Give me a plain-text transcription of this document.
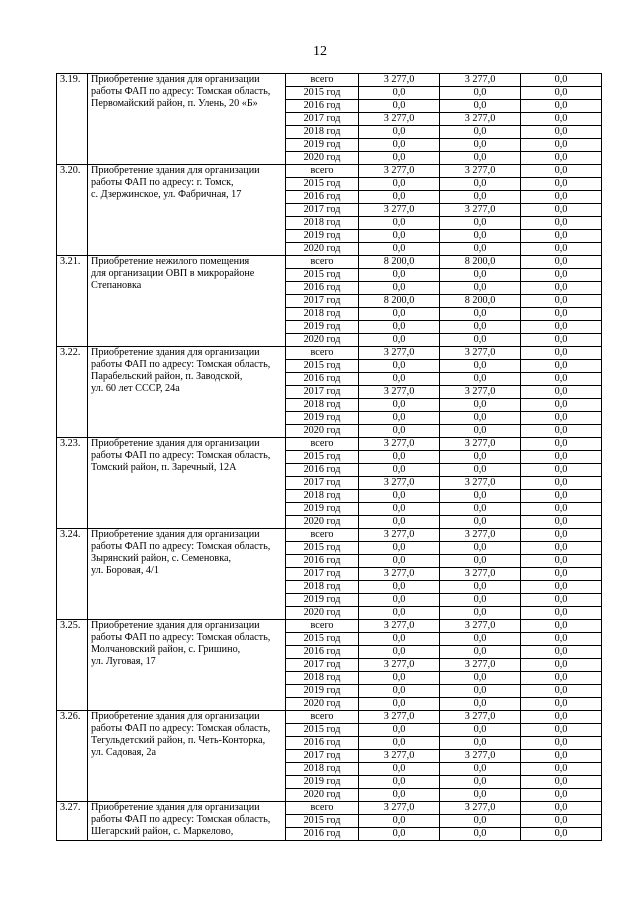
12
3.19.	Приобретение здания для организации
работы ФАП по адресу: Томская область,
Первомайский район, п. Улень, 20 «Б»	всего	3 277,0	3 277,0	0,0
		2015 год	0,0	0,0	0,0
		2016 год	0,0	0,0	0,0
		2017 год	3 277,0	3 277,0	0,0
		2018 год	0,0	0,0	0,0
		2019 год	0,0	0,0	0,0
		2020 год	0,0	0,0	0,0
3.20.	Приобретение здания для организации
работы ФАП по адресу: г. Томск,
с. Дзержинское, ул. Фабричная, 17	всего	3 277,0	3 277,0	0,0
		2015 год	0,0	0,0	0,0
		2016 год	0,0	0,0	0,0
		2017 год	3 277,0	3 277,0	0,0
		2018 год	0,0	0,0	0,0
		2019 год	0,0	0,0	0,0
		2020 год	0,0	0,0	0,0
3.21.	Приобретение нежилого помещения
для организации ОВП в микрорайоне
Степановка	всего	8 200,0	8 200,0	0,0
		2015 год	0,0	0,0	0,0
		2016 год	0,0	0,0	0,0
		2017 год	8 200,0	8 200,0	0,0
		2018 год	0,0	0,0	0,0
		2019 год	0,0	0,0	0,0
		2020 год	0,0	0,0	0,0
3.22.	Приобретение здания для организации
работы ФАП по адресу: Томская область,
Парабельский район, п. Заводской,
ул. 60 лет СССР, 24а	всего	3 277,0	3 277,0	0,0
		2015 год	0,0	0,0	0,0
		2016 год	0,0	0,0	0,0
		2017 год	3 277,0	3 277,0	0,0
		2018 год	0,0	0,0	0,0
		2019 год	0,0	0,0	0,0
		2020 год	0,0	0,0	0,0
3.23.	Приобретение здания для организации
работы ФАП по адресу: Томская область,
Томский район, п. Заречный, 12А	всего	3 277,0	3 277,0	0,0
		2015 год	0,0	0,0	0,0
		2016 год	0,0	0,0	0,0
		2017 год	3 277,0	3 277,0	0,0
		2018 год	0,0	0,0	0,0
		2019 год	0,0	0,0	0,0
		2020 год	0,0	0,0	0,0
3.24.	Приобретение здания для организации
работы ФАП по адресу: Томская область,
Зырянский район, с. Семеновка,
ул. Боровая, 4/1	всего	3 277,0	3 277,0	0,0
		2015 год	0,0	0,0	0,0
		2016 год	0,0	0,0	0,0
		2017 год	3 277,0	3 277,0	0,0
		2018 год	0,0	0,0	0,0
		2019 год	0,0	0,0	0,0
		2020 год	0,0	0,0	0,0
3.25.	Приобретение здания для организации
работы ФАП по адресу: Томская область,
Молчановский район, с. Гришино,
ул. Луговая, 17	всего	3 277,0	3 277,0	0,0
		2015 год	0,0	0,0	0,0
		2016 год	0,0	0,0	0,0
		2017 год	3 277,0	3 277,0	0,0
		2018 год	0,0	0,0	0,0
		2019 год	0,0	0,0	0,0
		2020 год	0,0	0,0	0,0
3.26.	Приобретение здания для организации
работы ФАП по адресу: Томская область,
Тегульдетский район, п. Четь-Конторка,
ул. Садовая, 2а	всего	3 277,0	3 277,0	0,0
		2015 год	0,0	0,0	0,0
		2016 год	0,0	0,0	0,0
		2017 год	3 277,0	3 277,0	0,0
		2018 год	0,0	0,0	0,0
		2019 год	0,0	0,0	0,0
		2020 год	0,0	0,0	0,0
3.27.	Приобретение здания для организации
работы ФАП по адресу: Томская область,
Шегарский район, с. Маркелово,	всего	3 277,0	3 277,0	0,0
		2015 год	0,0	0,0	0,0
		2016 год	0,0	0,0	0,0
